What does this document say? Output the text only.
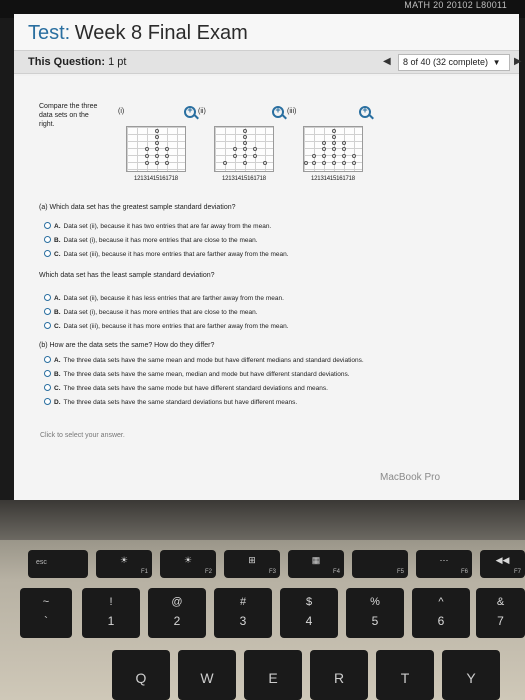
MATH 20 20102 L80011
Test: Week 8 Final Exam
This Question: 1 pt	◀	8 of 40 (32 complete) ▼	▶
Compare the three data sets on the right.
(i)	(ii)	(iii)
+	+	+
12131415161718	12131415161718	12131415161718
(a) Which data set has the greatest sample standard deviation?
A. Data set (ii), because it has two entries that are far away from the mean.
B. Data set (i), because it has more entries that are close to the mean.
C. Data set (iii), because it has more entries that are farther away from the mean.
Which data set has the least sample standard deviation?
A. Data set (ii), because it has less entries that are farther away from the mean.
B. Data set (i), because it has more entries that are close to the mean.
C. Data set (iii), because it has more entries that are farther away from the mean.
(b) How are the data sets the same? How do they differ?
A. The three data sets have the same mean and mode but have different medians and standard deviations.
B. The three data sets have the same mean, median and mode but have different standard deviations.
C. The three data sets have the same mode but have different standard deviations and means.
D. The three data sets have the same standard deviations but have different means.
Click to select your answer.
MacBook Pro
esc	☀
F1
☀
F2
⊞
F3
▦
F4	F5
⋯
F6
◀◀
F7
~
`
!
1
@
2
#
3
$
4
%
5
^
6
&
7
Q	W	E	R	T	Y
